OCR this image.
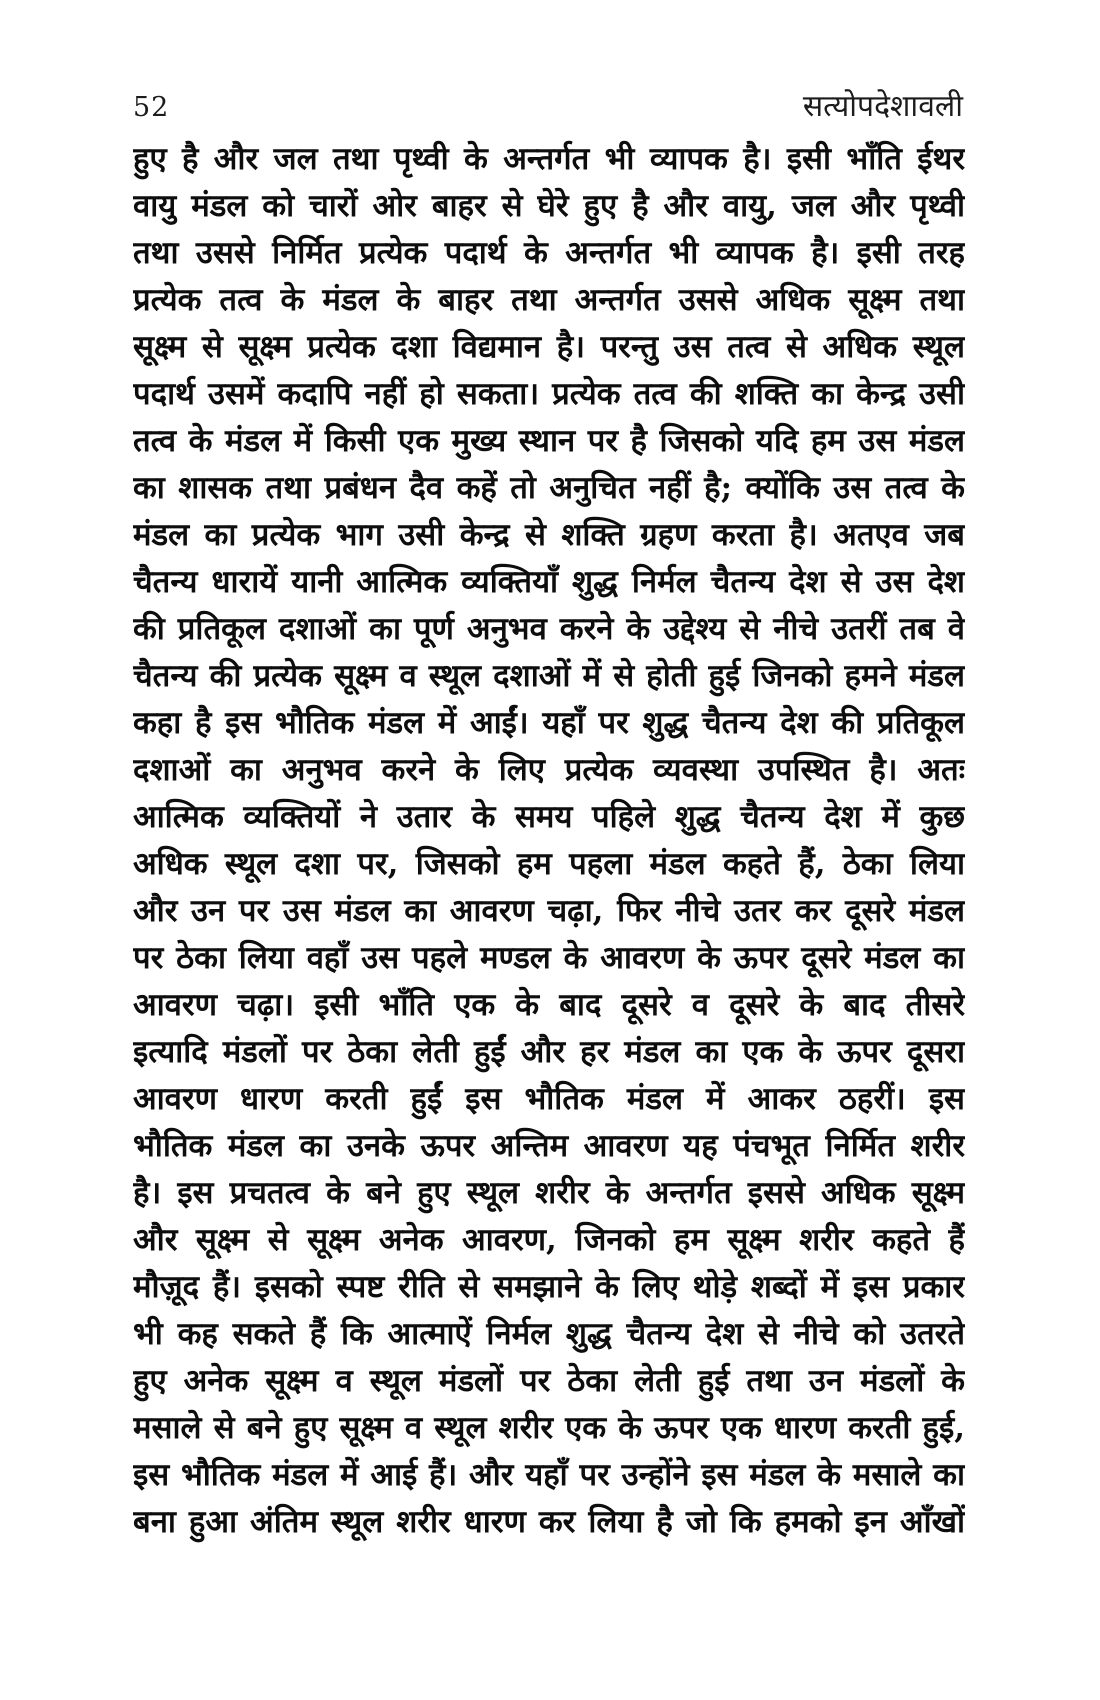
52	सत्योपदेशावली
हुए है और जल तथा पृथ्वी के अन्तर्गत भी व्यापक है। इसी भाँति ईथर
वायु मंडल को चारों ओर बाहर से घेरे हुए है और वायु, जल और पृथ्वी
तथा उससे निर्मित प्रत्येक पदार्थ के अन्तर्गत भी व्यापक है। इसी तरह
प्रत्येक तत्व के मंडल के बाहर तथा अन्तर्गत उससे अधिक सूक्ष्म तथा
सूक्ष्म से सूक्ष्म प्रत्येक दशा विद्यमान है। परन्तु उस तत्व से अधिक स्थूल
पदार्थ उसमें कदापि नहीं हो सकता। प्रत्येक तत्व की शक्ति का केन्द्र उसी
तत्व के मंडल में किसी एक मुख्य स्थान पर है जिसको यदि हम उस मंडल
का शासक तथा प्रबंधन दैव कहें तो अनुचित नहीं है; क्योंकि उस तत्व के
मंडल का प्रत्येक भाग उसी केन्द्र से शक्ति ग्रहण करता है। अतएव जब
चैतन्य धारायें यानी आत्मिक व्यक्तियाँ शुद्ध निर्मल चैतन्य देश से उस देश
की प्रतिकूल दशाओं का पूर्ण अनुभव करने के उद्देश्य से नीचे उतरीं तब वे
चैतन्य की प्रत्येक सूक्ष्म व स्थूल दशाओं में से होती हुई जिनको हमने मंडल
कहा है इस भौतिक मंडल में आईं। यहाँ पर शुद्ध चैतन्य देश की प्रतिकूल
दशाओं का अनुभव करने के लिए प्रत्येक व्यवस्था उपस्थित है। अतः
आत्मिक व्यक्तियों ने उतार के समय पहिले शुद्ध चैतन्य देश में कुछ
अधिक स्थूल दशा पर, जिसको हम पहला मंडल कहते हैं, ठेका लिया
और उन पर उस मंडल का आवरण चढ़ा, फिर नीचे उतर कर दूसरे मंडल
पर ठेका लिया वहाँ उस पहले मण्डल के आवरण के ऊपर दूसरे मंडल का
आवरण चढ़ा। इसी भाँति एक के बाद दूसरे व दूसरे के बाद तीसरे
इत्यादि मंडलों पर ठेका लेती हुईं और हर मंडल का एक के ऊपर दूसरा
आवरण धारण करती हुईं इस भौतिक मंडल में आकर ठहरीं। इस
भौतिक मंडल का उनके ऊपर अन्तिम आवरण यह पंचभूत निर्मित शरीर
है। इस प्रचतत्व के बने हुए स्थूल शरीर के अन्तर्गत इससे अधिक सूक्ष्म
और सूक्ष्म से सूक्ष्म अनेक आवरण, जिनको हम सूक्ष्म शरीर कहते हैं
मौज़ूद हैं। इसको स्पष्ट रीति से समझाने के लिए थोड़े शब्दों में इस प्रकार
भी कह सकते हैं कि आत्माऐं निर्मल शुद्ध चैतन्य देश से नीचे को उतरते
हुए अनेक सूक्ष्म व स्थूल मंडलों पर ठेका लेती हुई तथा उन मंडलों के
मसाले से बने हुए सूक्ष्म व स्थूल शरीर एक के ऊपर एक धारण करती हुई,
इस भौतिक मंडल में आई हैं। और यहाँ पर उन्होंने इस मंडल के मसाले का
बना हुआ अंतिम स्थूल शरीर धारण कर लिया है जो कि हमको इन आँखों
